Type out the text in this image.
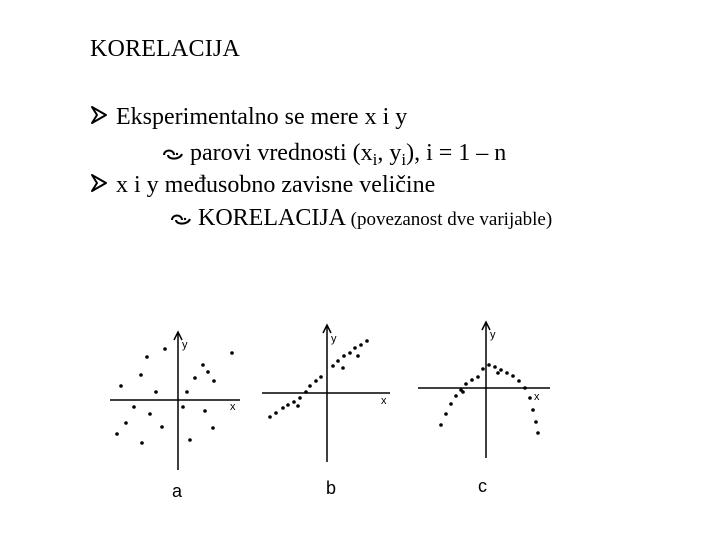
KORELACIJA
Eksperimentalno se mere x i y
parovi vrednosti ($x_i$, $y_i$), i = 1 – n
x i y međusobno zavisne veličine
KORELACIJA (povezanost dve varijable)
y
x
a
y
x
b
y
x
c
